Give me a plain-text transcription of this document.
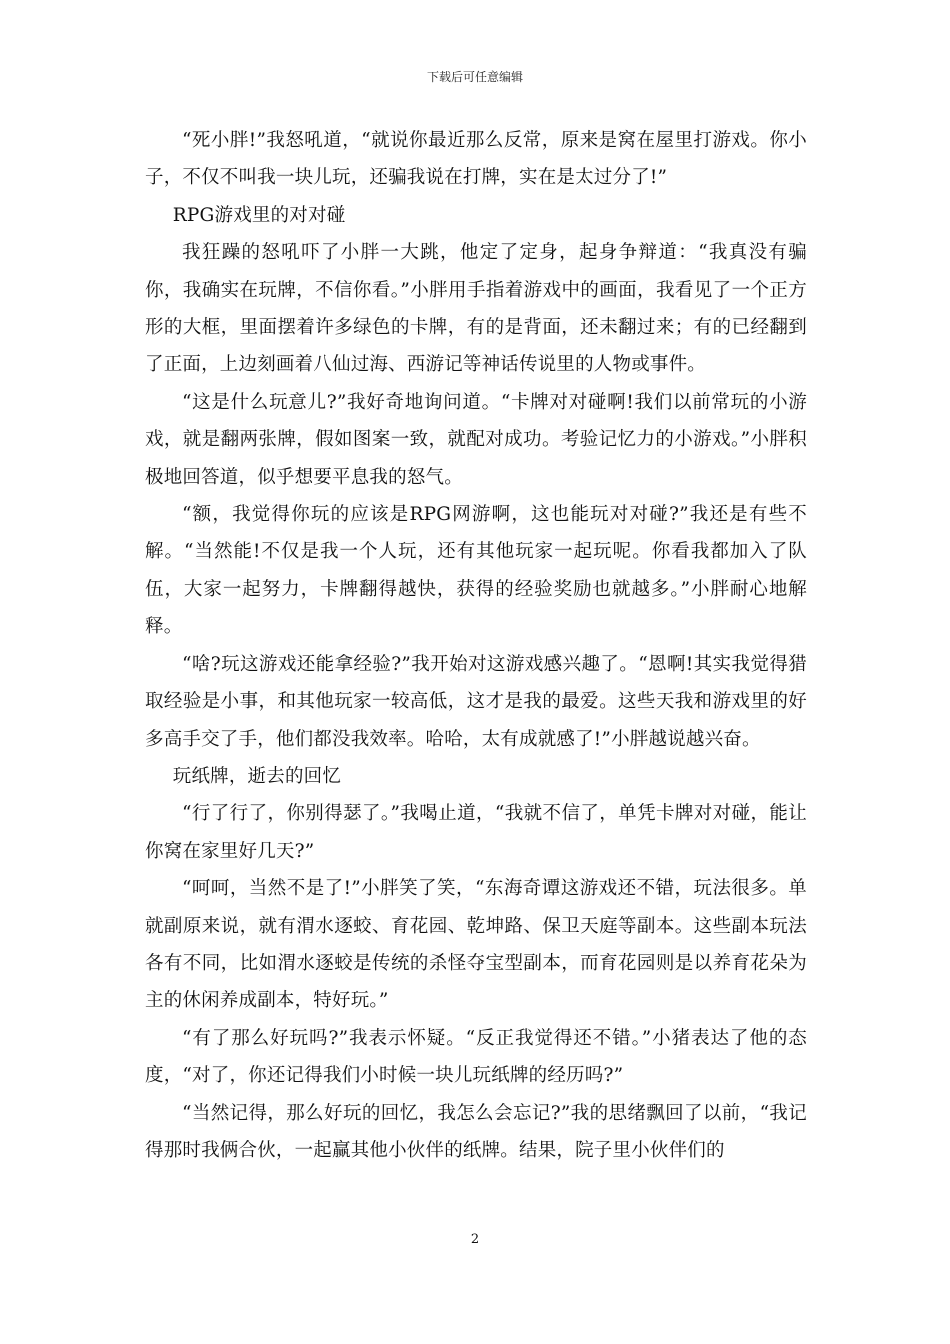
下载后可任意编辑

“死小胖!”我怒吼道，“就说你最近那么反常，原来是窝在屋里打游戏。你小子，不仅不叫我一块儿玩，还骗我说在打牌，实在是太过分了!”

RPG游戏里的对对碰

我狂躁的怒吼吓了小胖一大跳，他定了定身，起身争辩道：“我真没有骗你，我确实在玩牌，不信你看。”小胖用手指着游戏中的画面，我看见了一个正方形的大框，里面摆着许多绿色的卡牌，有的是背面，还未翻过来；有的已经翻到了正面，上边刻画着八仙过海、西游记等神话传说里的人物或事件。

“这是什么玩意儿?”我好奇地询问道。“卡牌对对碰啊!我们以前常玩的小游戏，就是翻两张牌，假如图案一致，就配对成功。考验记忆力的小游戏。”小胖积极地回答道，似乎想要平息我的怒气。

“额，我觉得你玩的应该是RPG网游啊，这也能玩对对碰?”我还是有些不解。“当然能!不仅是我一个人玩，还有其他玩家一起玩呢。你看我都加入了队伍，大家一起努力，卡牌翻得越快，获得的经验奖励也就越多。”小胖耐心地解释。

“啥?玩这游戏还能拿经验?”我开始对这游戏感兴趣了。“恩啊!其实我觉得猎取经验是小事，和其他玩家一较高低，这才是我的最爱。这些天我和游戏里的好多高手交了手，他们都没我效率。哈哈，太有成就感了!”小胖越说越兴奋。

玩纸牌，逝去的回忆

“行了行了，你别得瑟了。”我喝止道，“我就不信了，单凭卡牌对对碰，能让你窝在家里好几天?”

“呵呵，当然不是了!”小胖笑了笑，“东海奇谭这游戏还不错，玩法很多。单就副原来说，就有渭水逐蛟、育花园、乾坤路、保卫天庭等副本。这些副本玩法各有不同，比如渭水逐蛟是传统的杀怪夺宝型副本，而育花园则是以养育花朵为主的休闲养成副本，特好玩。”

“有了那么好玩吗?”我表示怀疑。“反正我觉得还不错。”小猪表达了他的态度，“对了，你还记得我们小时候一块儿玩纸牌的经历吗?”

“当然记得，那么好玩的回忆，我怎么会忘记?”我的思绪飘回了以前，“我记得那时我俩合伙，一起赢其他小伙伴的纸牌。结果，院子里小伙伴们的

2
